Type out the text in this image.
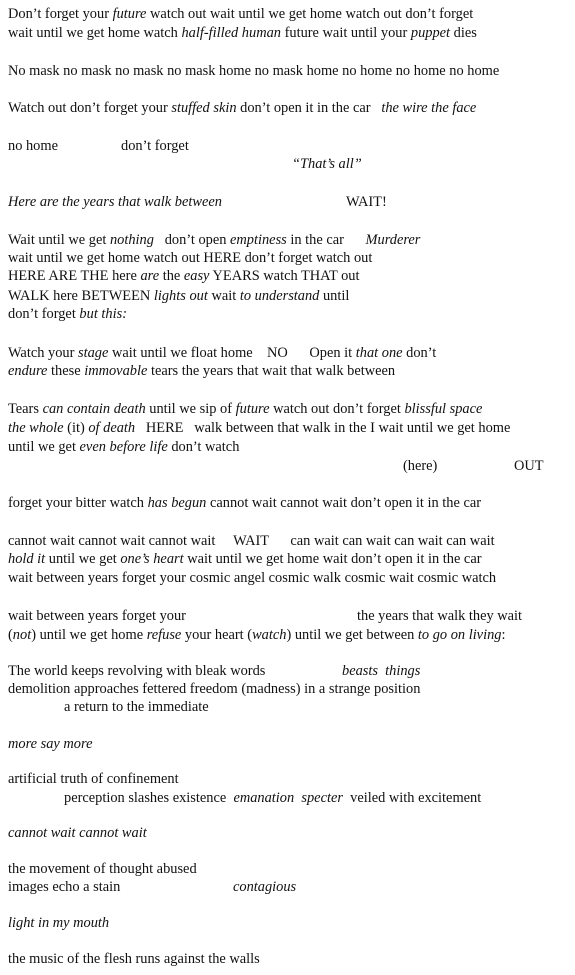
Don’t forget your future watch out wait until we get home watch out don’t forget
wait until we get home watch half-filled human future wait until your puppet dies
No mask no mask no mask no mask home no mask home no home no home no home
Watch out don’t forget your stuffed skin don’t open it in the car   the wire the face
no home	don’t forget
“That’s all”
Here are the years that walk between	WAIT!
Wait until we get nothing   don’t open emptiness in the car      Murderer
wait until we get home watch out HERE don’t forget watch out
HERE ARE THE here are the easy YEARS watch THAT out
WALK here BETWEEN lights out wait to understand until
don’t forget but this:
Watch your stage wait until we float home    NO      Open it that one don’t
endure these immovable tears the years that wait that walk between
Tears can contain death until we sip of future watch out don’t forget blissful space
the whole (it) of death   HERE   walk between that walk in the I wait until we get home
until we get even before life don’t watch
(here)	OUT
forget your bitter watch has begun cannot wait cannot wait don’t open it in the car
cannot wait cannot wait cannot wait     WAIT      can wait can wait can wait can wait
hold it until we get one’s heart wait until we get home wait don’t open it in the car
wait between years forget your cosmic angel cosmic walk cosmic wait cosmic watch
wait between years forget your	the years that walk they wait
(not) until we get home refuse your heart (watch) until we get between to go on living:
The world keeps revolving with bleak words	beasts  things
demolition approaches fettered freedom (madness) in a strange position
a return to the immediate
more say more
artificial truth of confinement
perception slashes existence  emanation  specter  veiled with excitement
cannot wait cannot wait
the movement of thought abused
images echo a stain	contagious
light in my mouth
the music of the flesh runs against the walls
